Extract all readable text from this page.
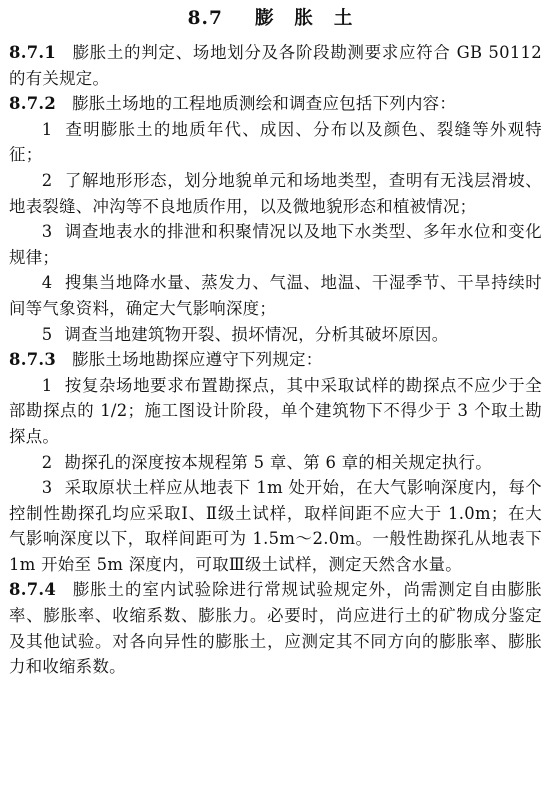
8.7 膨 胀 土

8.7.1 膨胀土的判定、场地划分及各阶段勘测要求应符合 GB 50112 的有关规定。

8.7.2 膨胀土场地的工程地质测绘和调查应包括下列内容：

1 查明膨胀土的地质年代、成因、分布以及颜色、裂缝等外观特征；

2 了解地形形态，划分地貌单元和场地类型，查明有无浅层滑坡、地表裂缝、冲沟等不良地质作用，以及微地貌形态和植被情况；

3 调查地表水的排泄和积聚情况以及地下水类型、多年水位和变化规律；

4 搜集当地降水量、蒸发力、气温、地温、干湿季节、干旱持续时间等气象资料，确定大气影响深度；

5 调查当地建筑物开裂、损坏情况，分析其破坏原因。

8.7.3 膨胀土场地勘探应遵守下列规定：

1 按复杂场地要求布置勘探点，其中采取试样的勘探点不应少于全部勘探点的 1/2；施工图设计阶段，单个建筑物下不得少于 3 个取土勘探点。

2 勘探孔的深度按本规程第 5 章、第 6 章的相关规定执行。

3 采取原状土样应从地表下 1m 处开始，在大气影响深度内，每个控制性勘探孔均应采取Ⅰ、Ⅱ级土试样，取样间距不应大于 1.0m；在大气影响深度以下，取样间距可为 1.5m～2.0m。一般性勘探孔从地表下 1m 开始至 5m 深度内，可取Ⅲ级土试样，测定天然含水量。

8.7.4 膨胀土的室内试验除进行常规试验规定外，尚需测定自由膨胀率、膨胀率、收缩系数、膨胀力。必要时，尚应进行土的矿物成分鉴定及其他试验。对各向异性的膨胀土，应测定其不同方向的膨胀率、膨胀力和收缩系数。
